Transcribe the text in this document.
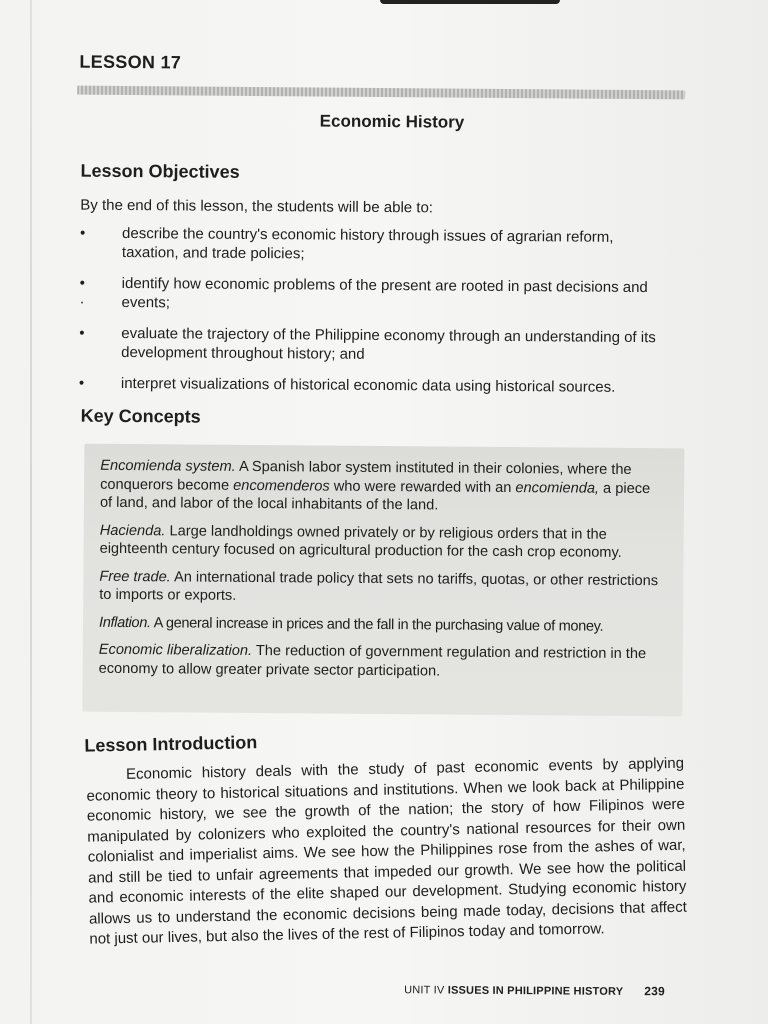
LESSON 17
Economic History
Lesson Objectives
By the end of this lesson, the students will be able to:
•	describe the country's economic history through issues of agrarian reform, taxation, and trade policies;
• ·
identify how economic problems of the present are rooted in past decisions and events;
•	evaluate the trajectory of the Philippine economy through an understanding of its development throughout history; and
•	interpret visualizations of historical economic data using historical sources.
Key Concepts

Encomienda system. A Spanish labor system instituted in their colonies, where the conquerors become encomenderos who were rewarded with an encomienda, a piece of land, and labor of the local inhabitants of the land.

Hacienda. Large landholdings owned privately or by religious orders that in the eighteenth century focused on agricultural production for the cash crop economy.

Free trade. An international trade policy that sets no tariffs, quotas, or other restrictions to imports or exports.

Inflation. A general increase in prices and the fall in the purchasing value of money.

Economic liberalization. The reduction of government regulation and restriction in the economy to allow greater private sector participation.

Lesson Introduction

Economic history deals with the study of past economic events by applying economic theory to historical situations and institutions. When we look back at Philippine economic history, we see the growth of the nation; the story of how Filipinos were manipulated by colonizers who exploited the country's national resources for their own colonialist and imperialist aims. We see how the Philippines rose from the ashes of war, and still be tied to unfair agreements that impeded our growth. We see how the political and economic interests of the elite shaped our development. Studying economic history allows us to understand the economic decisions being made today, decisions that affect not just our lives, but also the lives of the rest of Filipinos today and tomorrow.

UNIT IV ISSUES IN PHILIPPINE HISTORY 239
